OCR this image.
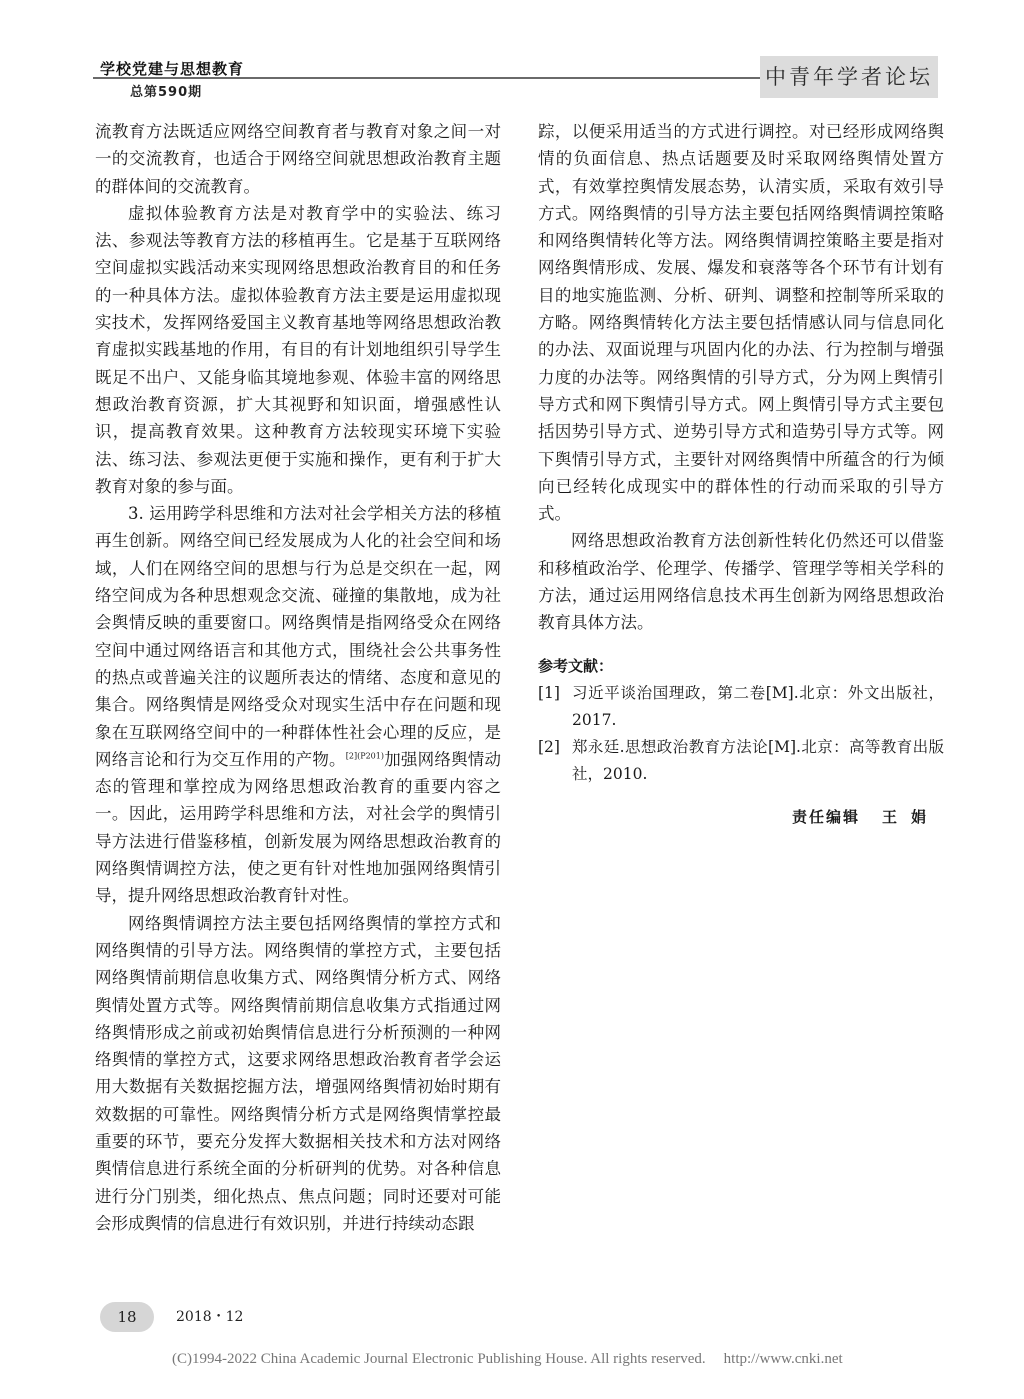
学校党建与思想教育

总第590期

中青年学者论坛

流教育方法既适应网络空间教育者与教育对象之间一对一的交流教育，也适合于网络空间就思想政治教育主题的群体间的交流教育。

虚拟体验教育方法是对教育学中的实验法、练习法、参观法等教育方法的移植再生。它是基于互联网络空间虚拟实践活动来实现网络思想政治教育目的和任务的一种具体方法。虚拟体验教育方法主要是运用虚拟现实技术，发挥网络爱国主义教育基地等网络思想政治教育虚拟实践基地的作用，有目的有计划地组织引导学生既足不出户、又能身临其境地参观、体验丰富的网络思想政治教育资源，扩大其视野和知识面，增强感性认识，提高教育效果。这种教育方法较现实环境下实验法、练习法、参观法更便于实施和操作，更有利于扩大教育对象的参与面。

3. 运用跨学科思维和方法对社会学相关方法的移植再生创新。网络空间已经发展成为人化的社会空间和场域，人们在网络空间的思想与行为总是交织在一起，网络空间成为各种思想观念交流、碰撞的集散地，成为社会舆情反映的重要窗口。网络舆情是指网络受众在网络空间中通过网络语言和其他方式，围绕社会公共事务性的热点或普遍关注的议题所表达的情绪、态度和意见的集合。网络舆情是网络受众对现实生活中存在问题和现象在互联网络空间中的一种群体性社会心理的反应，是网络言论和行为交互作用的产物。$^{[2](P201)}$加强网络舆情动态的管理和掌控成为网络思想政治教育的重要内容之一。因此，运用跨学科思维和方法，对社会学的舆情引导方法进行借鉴移植，创新发展为网络思想政治教育的网络舆情调控方法，使之更有针对性地加强网络舆情引导，提升网络思想政治教育针对性。

网络舆情调控方法主要包括网络舆情的掌控方式和网络舆情的引导方法。网络舆情的掌控方式，主要包括网络舆情前期信息收集方式、网络舆情分析方式、网络舆情处置方式等。网络舆情前期信息收集方式指通过网络舆情形成之前或初始舆情信息进行分析预测的一种网络舆情的掌控方式，这要求网络思想政治教育者学会运用大数据有关数据挖掘方法，增强网络舆情初始时期有效数据的可靠性。网络舆情分析方式是网络舆情掌控最重要的环节，要充分发挥大数据相关技术和方法对网络舆情信息进行系统全面的分析研判的优势。对各种信息进行分门别类，细化热点、焦点问题；同时还要对可能会形成舆情的信息进行有效识别，并进行持续动态跟

踪，以便采用适当的方式进行调控。对已经形成网络舆情的负面信息、热点话题要及时采取网络舆情处置方式，有效掌控舆情发展态势，认清实质，采取有效引导方式。网络舆情的引导方法主要包括网络舆情调控策略和网络舆情转化等方法。网络舆情调控策略主要是指对网络舆情形成、发展、爆发和衰落等各个环节有计划有目的地实施监测、分析、研判、调整和控制等所采取的方略。网络舆情转化方法主要包括情感认同与信息同化的办法、双面说理与巩固内化的办法、行为控制与增强力度的办法等。网络舆情的引导方式，分为网上舆情引导方式和网下舆情引导方式。网上舆情引导方式主要包括因势引导方式、逆势引导方式和造势引导方式等。网下舆情引导方式，主要针对网络舆情中所蕴含的行为倾向已经转化成现实中的群体性的行动而采取的引导方式。

网络思想政治教育方法创新性转化仍然还可以借鉴和移植政治学、伦理学、传播学、管理学等相关学科的方法，通过运用网络信息技术再生创新为网络思想政治教育具体方法。

参考文献：
[1] 习近平谈治国理政，第二卷[M].北京：外文出版社，2017.
[2] 郑永廷.思想政治教育方法论[M].北京：高等教育出版社，2010.
责任编辑 王娟
18	2018・12
(C)1994-2022 China Academic Journal Electronic Publishing House. All rights reserved. http://www.cnki.net
